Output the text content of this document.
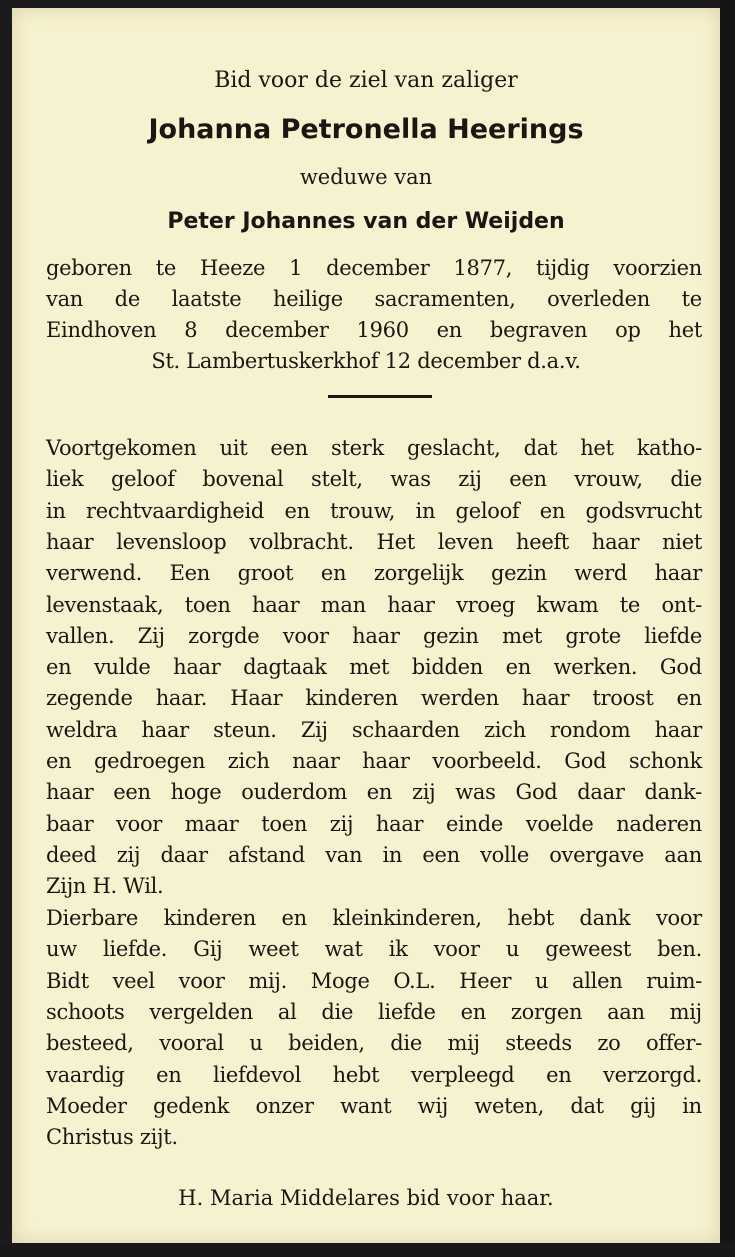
Bid voor de ziel van zaliger
Johanna Petronella Heerings
weduwe van
Peter Johannes van der Weijden
geboren te Heeze 1 december 1877, tijdig voorzien
van de laatste heilige sacramenten, overleden te
Eindhoven 8 december 1960 en begraven op het
St. Lambertuskerkhof 12 december d.a.v.
Voortgekomen uit een sterk geslacht, dat het katho-
liek geloof bovenal stelt, was zij een vrouw, die
in rechtvaardigheid en trouw, in geloof en godsvrucht
haar levensloop volbracht. Het leven heeft haar niet
verwend. Een groot en zorgelijk gezin werd haar
levenstaak, toen haar man haar vroeg kwam te ont-
vallen. Zij zorgde voor haar gezin met grote liefde
en vulde haar dagtaak met bidden en werken. God
zegende haar. Haar kinderen werden haar troost en
weldra haar steun. Zij schaarden zich rondom haar
en gedroegen zich naar haar voorbeeld. God schonk
haar een hoge ouderdom en zij was God daar dank-
baar voor maar toen zij haar einde voelde naderen
deed zij daar afstand van in een volle overgave aan
Zijn H. Wil.
Dierbare kinderen en kleinkinderen, hebt dank voor
uw liefde. Gij weet wat ik voor u geweest ben.
Bidt veel voor mij. Moge O.L. Heer u allen ruim-
schoots vergelden al die liefde en zorgen aan mij
besteed, vooral u beiden, die mij steeds zo offer-
vaardig en liefdevol hebt verpleegd en verzorgd.
Moeder gedenk onzer want wij weten, dat gij in
Christus zijt.
H. Maria Middelares bid voor haar.
